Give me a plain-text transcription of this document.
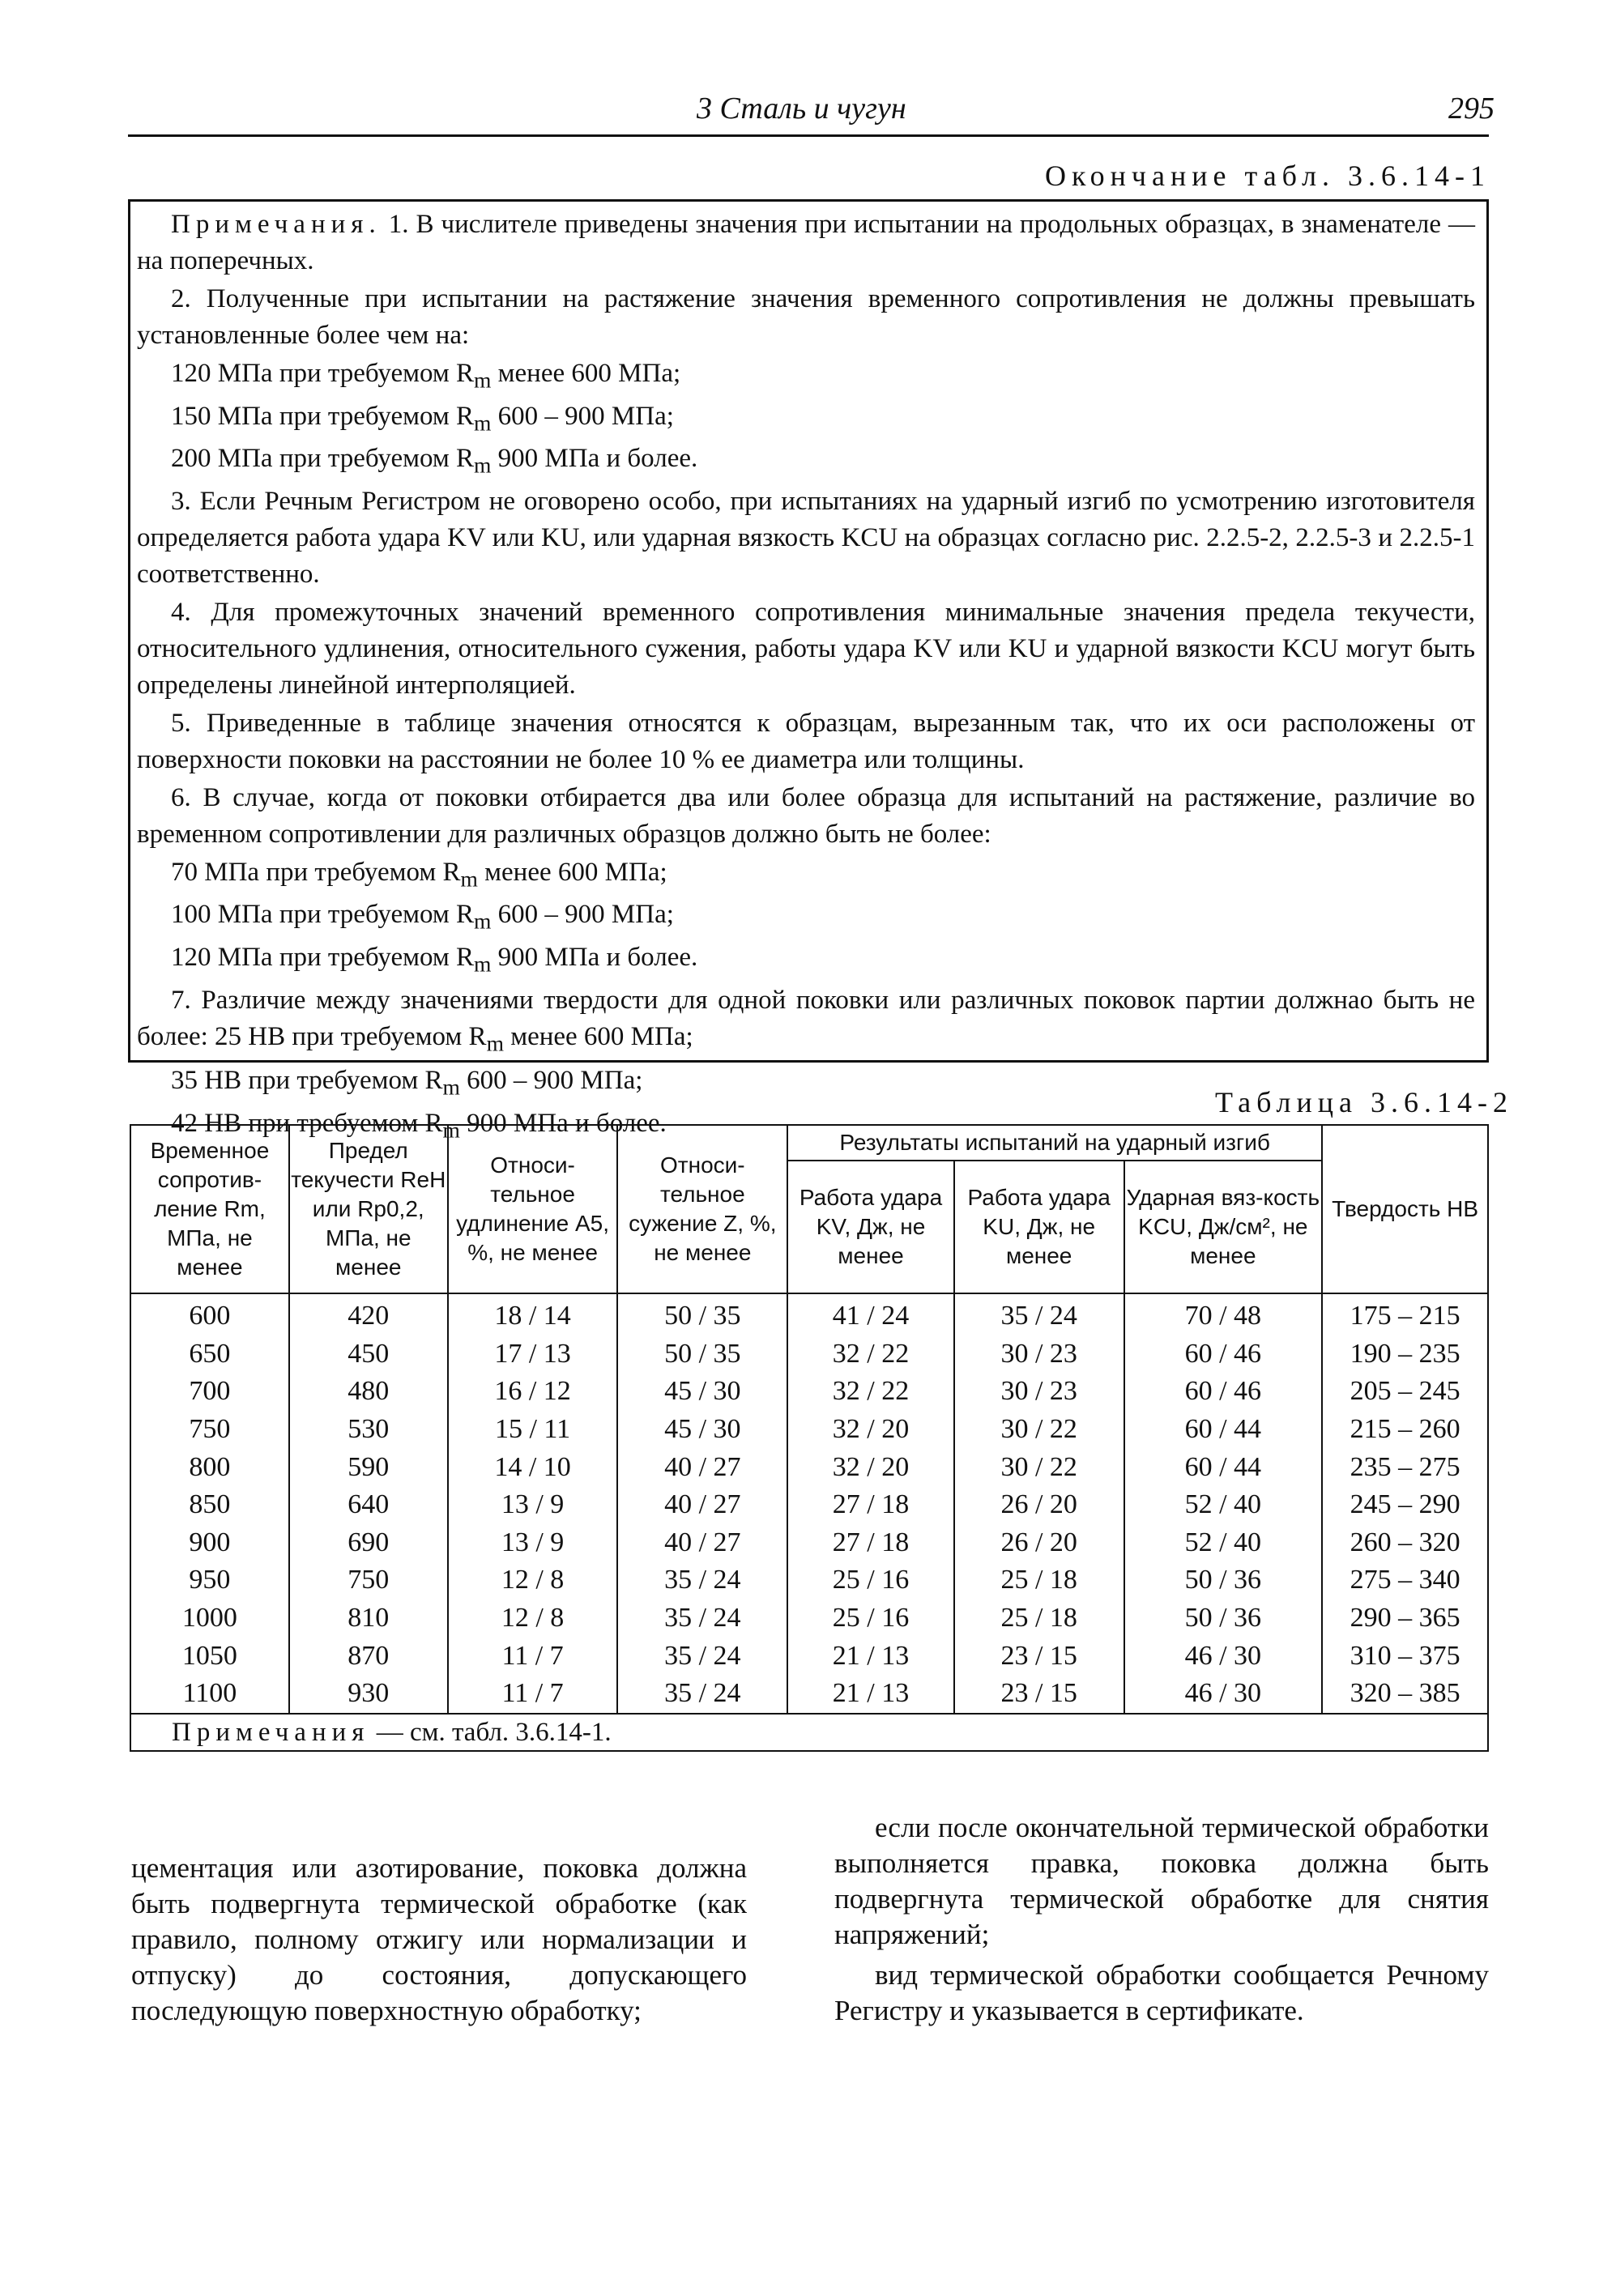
3 Сталь и чугун	295
Окончание табл. 3.6.14-1

Примечания. 1. В числителе приведены значения при испытании на продольных образцах, в знаменателе — на поперечных.

2. Полученные при испытании на растяжение значения временного сопротивления не должны превышать установленные более чем на:

120 МПа при требуемом $R_m$ менее 600 МПа;

150 МПа при требуемом $R_m$ 600 – 900 МПа;

200 МПа при требуемом $R_m$ 900 МПа и более.

3. Если Речным Регистром не оговорено особо, при испытаниях на ударный изгиб по усмотрению изготовителя определяется работа удара KV или KU, или ударная вязкость KCU на образцах согласно рис. 2.2.5-2, 2.2.5-3 и 2.2.5-1 соответственно.

4. Для промежуточных значений временного сопротивления минимальные значения предела текучести, относительного удлинения, относительного сужения, работы удара KV или KU и ударной вязкости KCU могут быть определены линейной интерполяцией.

5. Приведенные в таблице значения относятся к образцам, вырезанным так, что их оси расположены от поверхности поковки на расстоянии не более 10 % ее диаметра или толщины.

6. В случае, когда от поковки отбирается два или более образца для испытаний на растяжение, различие во временном сопротивлении для различных образцов должно быть не более:

70 МПа при требуемом $R_m$ менее 600 МПа;

100 МПа при требуемом $R_m$ 600 – 900 МПа;

120 МПа при требуемом $R_m$ 900 МПа и более.

7. Различие между значениями твердости для одной поковки или различных поковок партии должнао быть не более: 25 HB при требуемом $R_m$ менее 600 МПа;

35 HB при требуемом $R_m$ 600 – 900 МПа;

42 HB при требуемом $R_m$ 900 МПа и более.

Таблица 3.6.14-2
Временное сопротив-ление Rm, МПа, не менее	Предел текучести ReH или Rp0,2, МПа, не менее	Относи-тельное удлинение A5, %, не менее	Относи-тельное сужение Z, %, не менее	Результаты испытаний на ударный изгиб			Твердость HB
				Работа удара KV, Дж, не менее	Работа удара KU, Дж, не менее	Ударная вяз-кость KCU, Дж/см², не менее	
600	420	18 / 14	50 / 35	41 / 24	35 / 24	70 / 48	175 – 215
650	450	17 / 13	50 / 35	32 / 22	30 / 23	60 / 46	190 – 235
700	480	16 / 12	45 / 30	32 / 22	30 / 23	60 / 46	205 – 245
750	530	15 / 11	45 / 30	32 / 20	30 / 22	60 / 44	215 – 260
800	590	14 / 10	40 / 27	32 / 20	30 / 22	60 / 44	235 – 275
850	640	13 / 9	40 / 27	27 / 18	26 / 20	52 / 40	245 – 290
900	690	13 / 9	40 / 27	27 / 18	26 / 20	52 / 40	260 – 320
950	750	12 / 8	35 / 24	25 / 16	25 / 18	50 / 36	275 – 340
1000	810	12 / 8	35 / 24	25 / 16	25 / 18	50 / 36	290 – 365
1050	870	11 / 7	35 / 24	21 / 13	23 / 15	46 / 30	310 – 375
1100	930	11 / 7	35 / 24	21 / 13	23 / 15	46 / 30	320 – 385
Примечания — см. табл. 3.6.14-1.							

цементация или азотирование, поковка должна быть подвергнута термической обработке (как правило, полному отжигу или нормализации и отпуску) до состояния, допускающего последующую поверхностную обработку;

если после окончательной термической обработки выполняется правка, поковка должна быть подвергнута термической обработке для снятия напряжений;

вид термической обработки сообщается Речному Регистру и указывается в сертификате.
